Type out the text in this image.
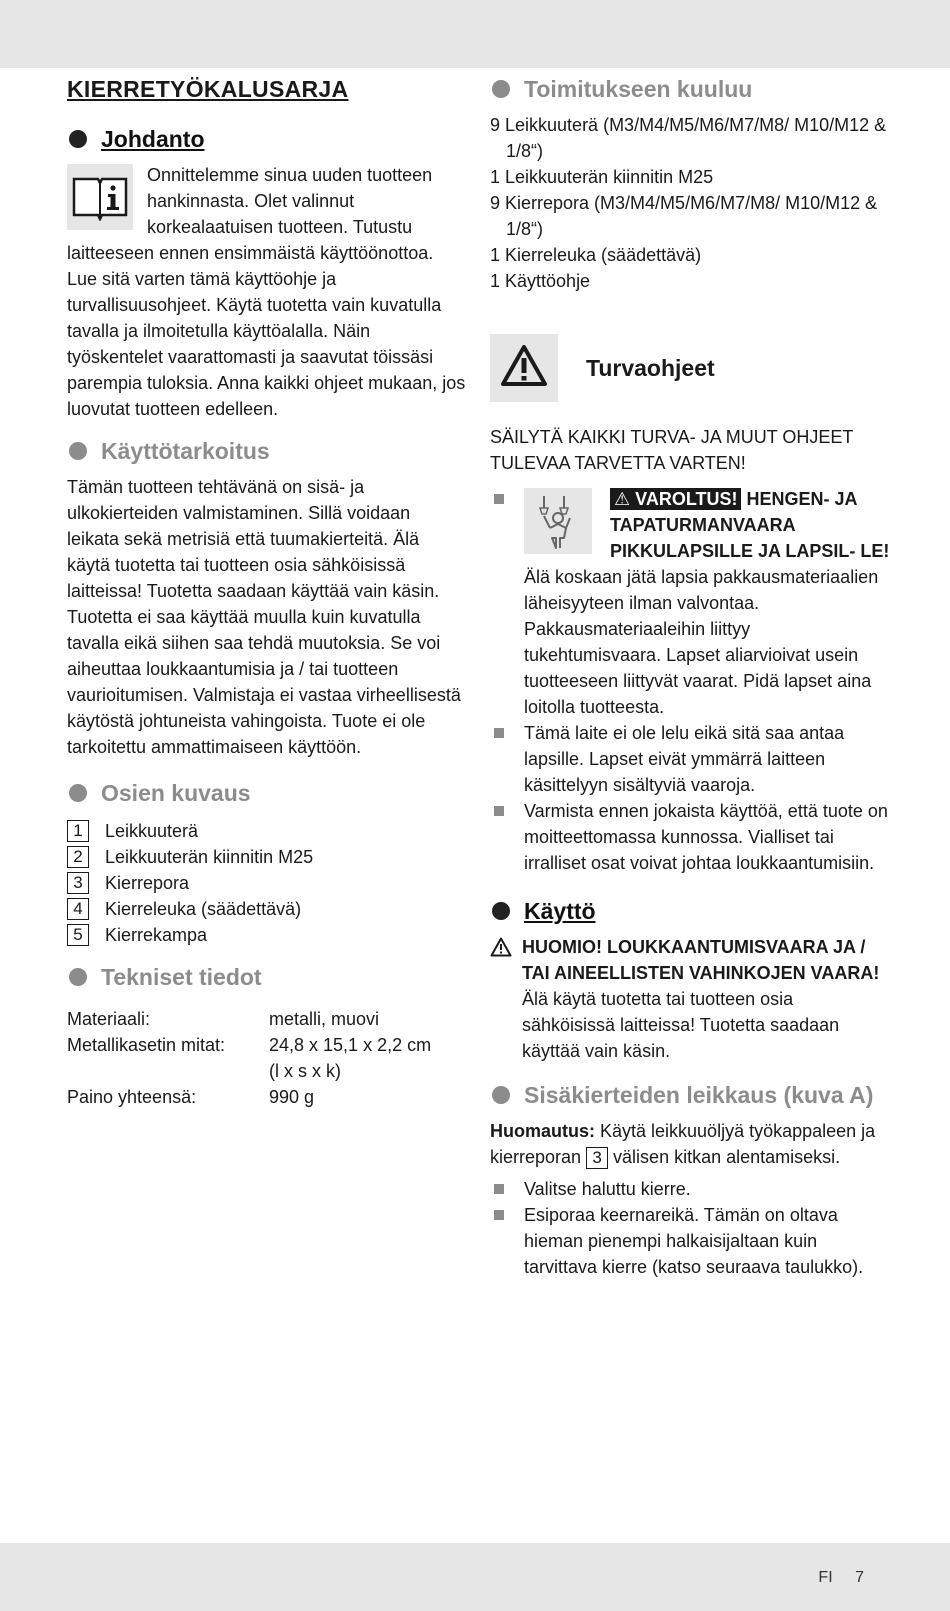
KIERRETYÖKALUSARJA
Johdanto

Onnittelemme sinua uuden tuotteen hankinnasta. Olet valinnut korkealaatuisen tuotteen. Tutustu laitteeseen ennen ensimmäistä käyttöönottoa. Lue sitä varten tämä käyttöohje ja turvallisuusohjeet. Käytä tuotetta vain kuvatulla tavalla ja ilmoitetulla käyttöalalla. Näin työskentelet vaarattomasti ja saavutat töissäsi parempia tuloksia. Anna kaikki ohjeet mukaan, jos luovutat tuotteen edelleen.

Käyttötarkoitus

Tämän tuotteen tehtävänä on sisä- ja ulkokierteiden valmistaminen. Sillä voidaan leikata sekä metrisiä että tuumakierteitä. Älä käytä tuotetta tai tuotteen osia sähköisissä laitteissa! Tuotetta saadaan käyttää vain käsin. Tuotetta ei saa käyttää muulla kuin kuvatulla tavalla eikä siihen saa tehdä muutoksia. Se voi aiheuttaa loukkaantumisia ja / tai tuotteen vaurioitumisen. Valmistaja ei vastaa virheellisestä käytöstä johtuneista vahingoista. Tuote ei ole tarkoitettu ammattimaiseen käyttöön.

Osien kuvaus
1	Leikkuuterä
2	Leikkuuterän kiinnitin M25
3	Kierrepora
4	Kierreleuka (säädettävä)
5	Kierrekampa
Tekniset tiedot
Materiaali:	metalli, muovi
Metallikasetin mitat:	24,8 x 15,1 x 2,2 cm
(l x s x k)
Paino yhteensä:	990 g
Toimitukseen kuuluu
9 Leikkuuterä (M3/M4/M5/M6/M7/M8/ M10/M12 & 1/8“)
1 Leikkuuterän kiinnitin M25
9 Kierrepora (M3/M4/M5/M6/M7/M8/ M10/M12 & 1/8“)
1 Kierreleuka (säädettävä)
1 Käyttöohje
Turvaohjeet

SÄILYTÄ KAIKKI TURVA- JA MUUT OHJEET TULEVAA TARVETTA VARTEN!

⚠ VAROLTUS! HENGEN- JA TAPATURMANVAARA PIKKULAPSILLE JA LAPSIL- LE!

Älä koskaan jätä lapsia pakkausmateriaalien läheisyyteen ilman valvontaa. Pakkausmateriaaleihin liittyy tukehtumisvaara. Lapset aliarvioivat usein tuotteeseen liittyvät vaarat. Pidä lapset aina loitolla tuotteesta.

Tämä laite ei ole lelu eikä sitä saa antaa lapsille. Lapset eivät ymmärrä laitteen käsittelyyn sisältyviä vaaroja.

Varmista ennen jokaista käyttöä, että tuote on moitteettomassa kunnossa. Vialliset tai irralliset osat voivat johtaa loukkaantumisiin.

Käyttö

HUOMIO! LOUKKAANTUMISVAARA JA / TAI AINEELLISTEN VAHINKOJEN VAARA! Älä käytä tuotetta tai tuotteen osia sähköisissä laitteissa! Tuotetta saadaan käyttää vain käsin.

Sisäkierteiden leikkaus (kuva A)

Huomautus: Käytä leikkuuöljyä työkappaleen ja kierreporan 3 välisen kitkan alentamiseksi.

Valitse haluttu kierre.

Esiporaa keernareikä. Tämän on oltava hieman pienempi halkaisijaltaan kuin tarvittava kierre (katso seuraava taulukko).

FI 7
